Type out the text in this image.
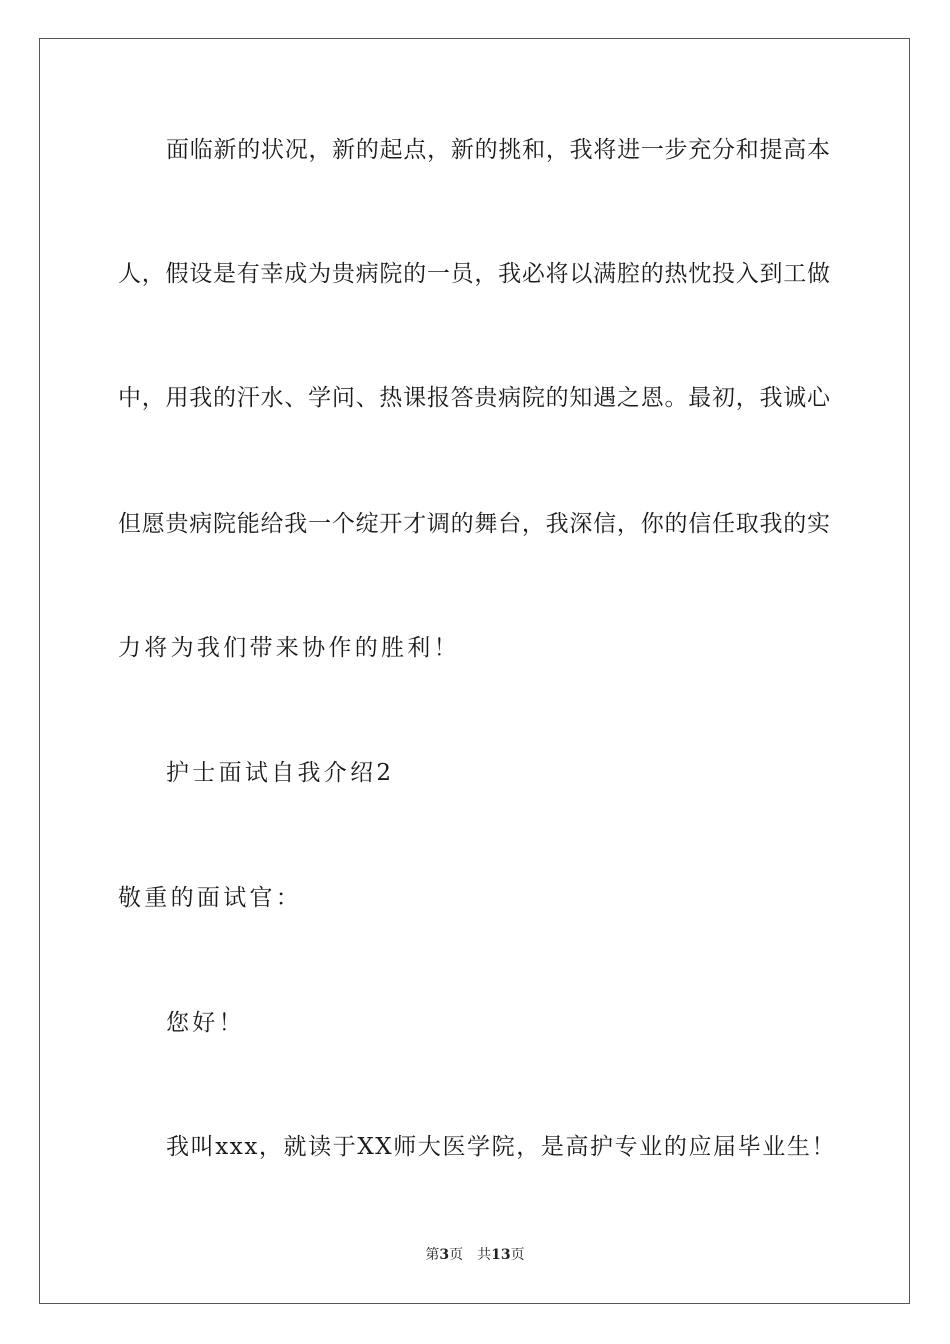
面临新的状况，新的起点，新的挑和，我将进一步充分和提高本
人，假设是有幸成为贵病院的一员，我必将以满腔的热忱投入到工做
中，用我的汗水、学问、热课报答贵病院的知遇之恩。最初，我诚心
但愿贵病院能给我一个绽开才调的舞台，我深信，你的信任取我的实
力将为我们带来协作的胜利！
护士面试自我介绍2
敬重的面试官：
您好！
我叫xxx，就读于XX师大医学院，是高护专业的应届毕业生！
第3页 共13页
